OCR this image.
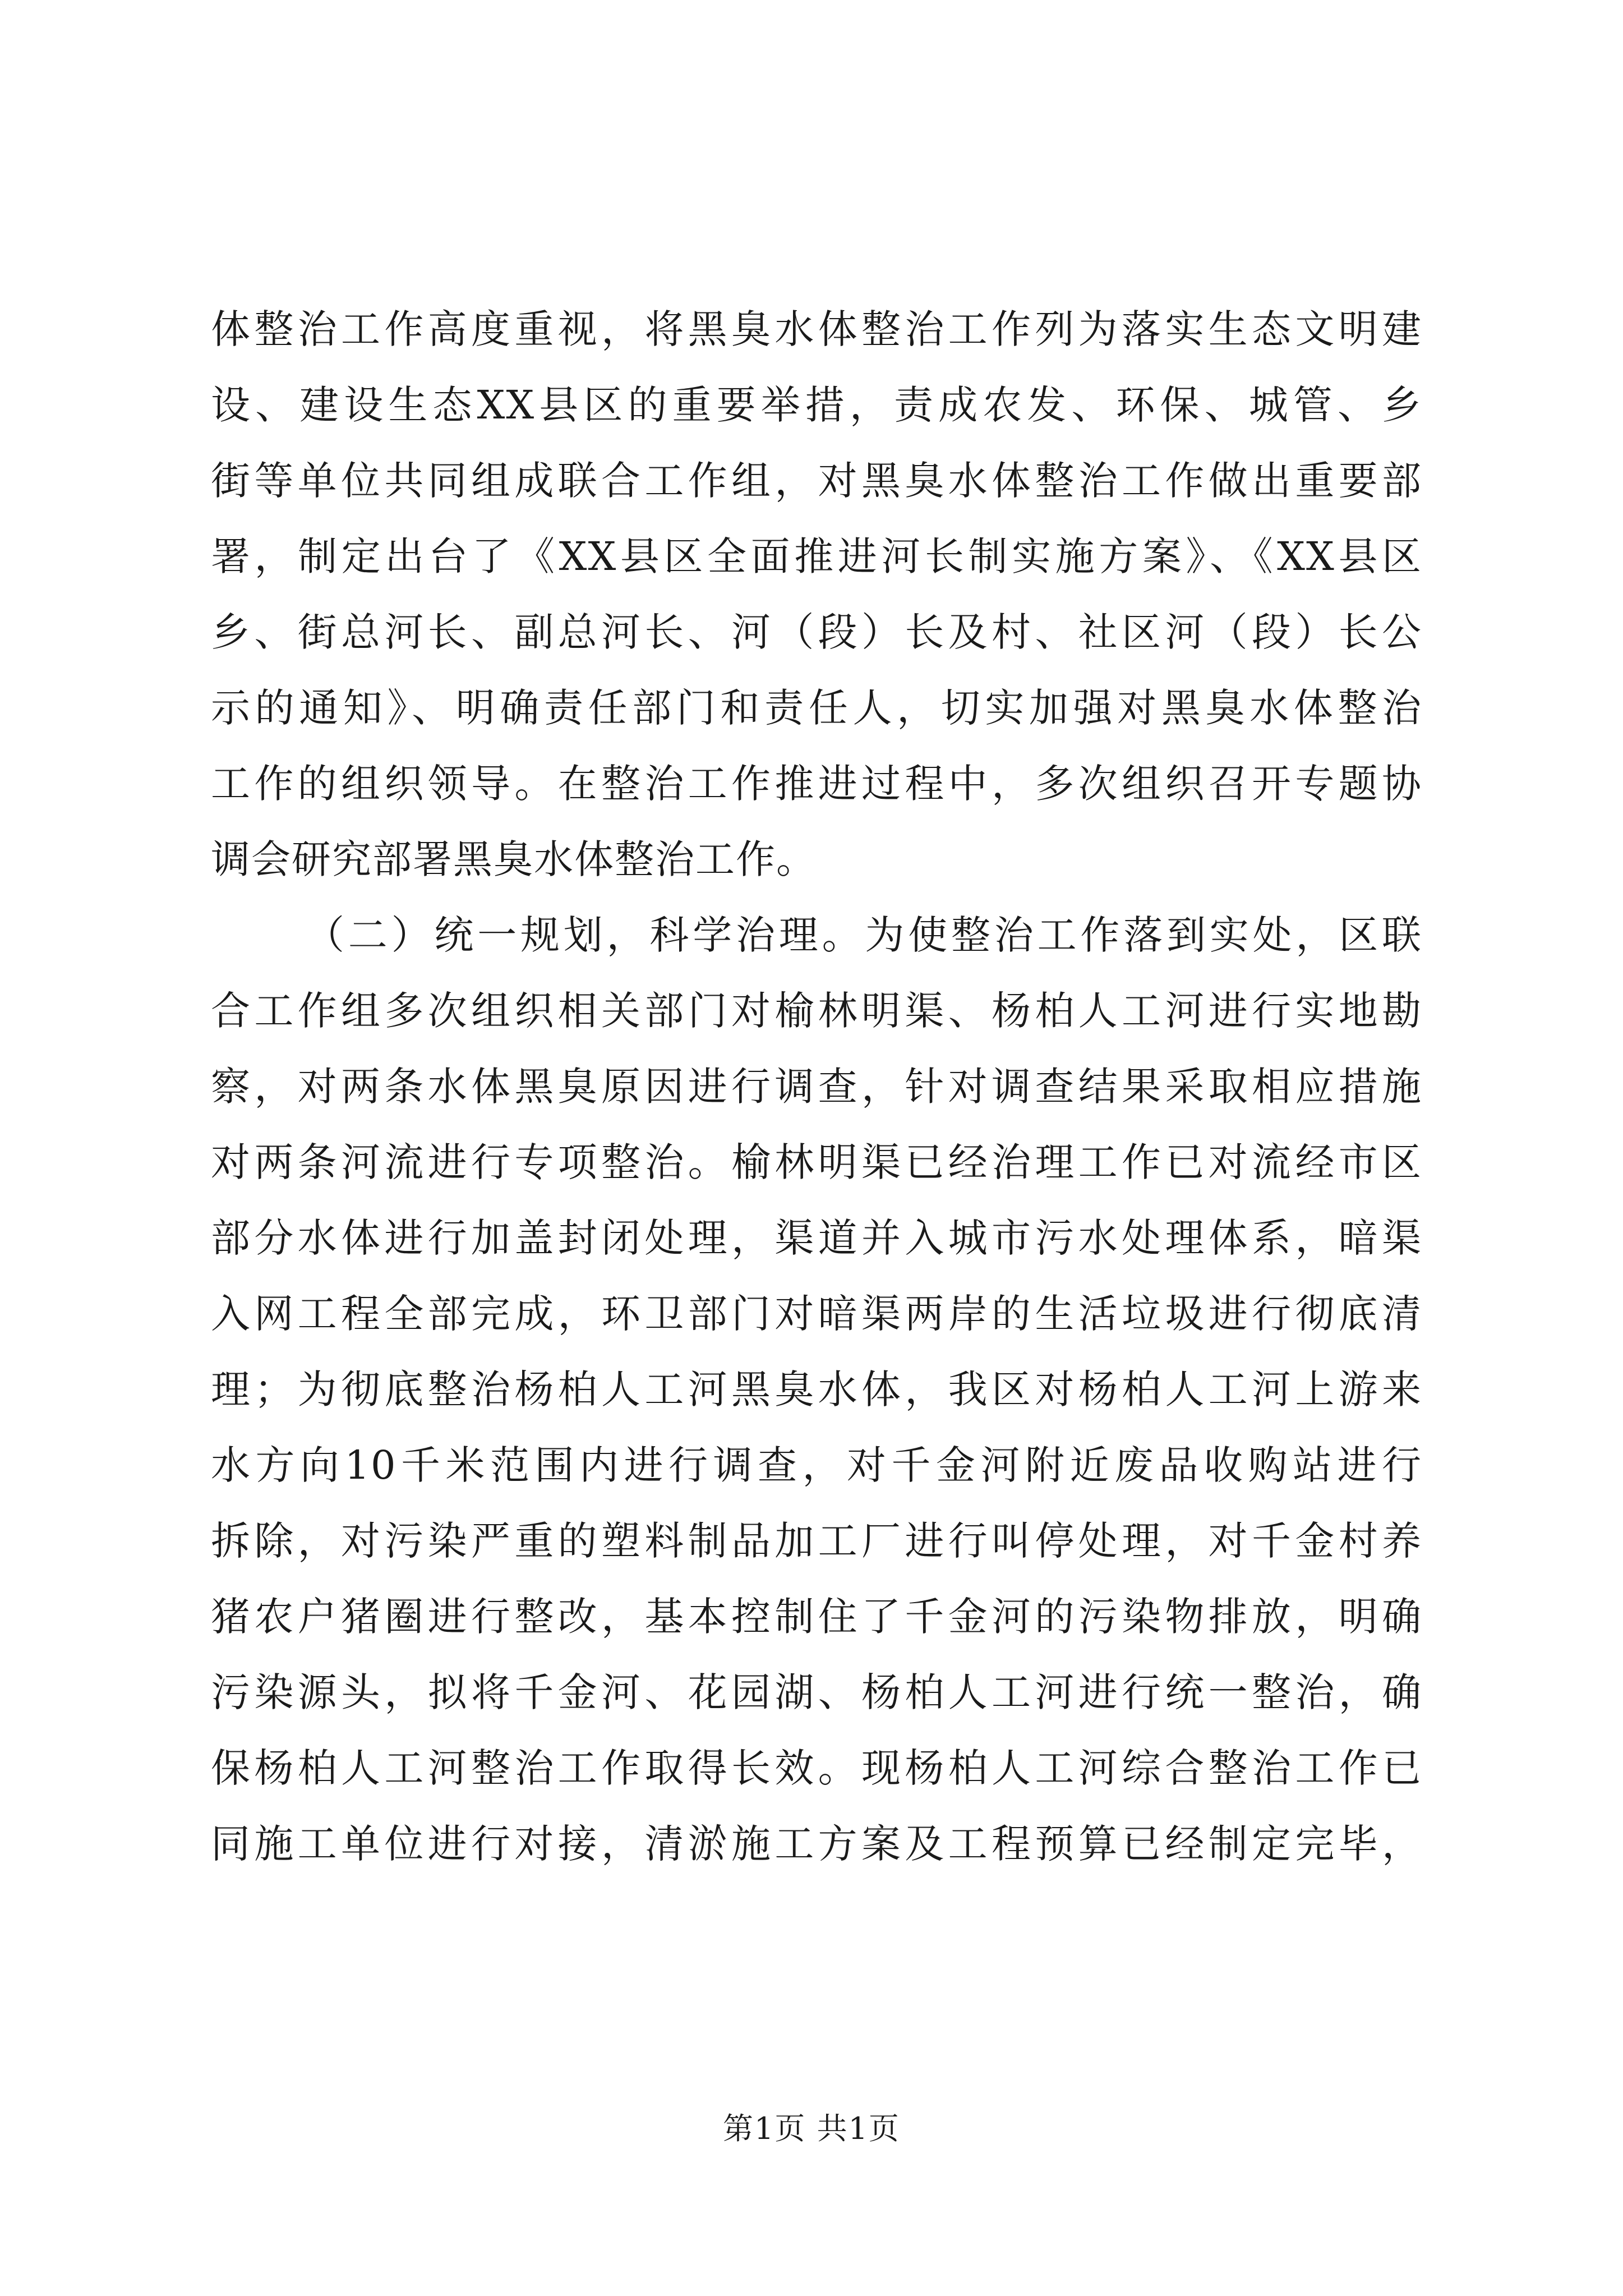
体整治工作高度重视，将黑臭水体整治工作列为落实生态文明建
设、建设生态XX县区的重要举措，责成农发、环保、城管、乡
街等单位共同组成联合工作组，对黑臭水体整治工作做出重要部
署，制定出台了《XX县区全面推进河长制实施方案》、《XX县区
乡、街总河长、副总河长、河（段）长及村、社区河（段）长公
示的通知》、明确责任部门和责任人，切实加强对黑臭水体整治
工作的组织领导。在整治工作推进过程中，多次组织召开专题协
调会研究部署黑臭水体整治工作。
（二）统一规划，科学治理。为使整治工作落到实处，区联
合工作组多次组织相关部门对榆林明渠、杨柏人工河进行实地勘
察，对两条水体黑臭原因进行调查，针对调查结果采取相应措施
对两条河流进行专项整治。榆林明渠已经治理工作已对流经市区
部分水体进行加盖封闭处理，渠道并入城市污水处理体系，暗渠
入网工程全部完成，环卫部门对暗渠两岸的生活垃圾进行彻底清
理；为彻底整治杨柏人工河黑臭水体，我区对杨柏人工河上游来
水方向10千米范围内进行调查，对千金河附近废品收购站进行
拆除，对污染严重的塑料制品加工厂进行叫停处理，对千金村养
猪农户猪圈进行整改，基本控制住了千金河的污染物排放，明确
污染源头，拟将千金河、花园湖、杨柏人工河进行统一整治，确
保杨柏人工河整治工作取得长效。现杨柏人工河综合整治工作已
同施工单位进行对接，清淤施工方案及工程预算已经制定完毕，
第1页 共1页
